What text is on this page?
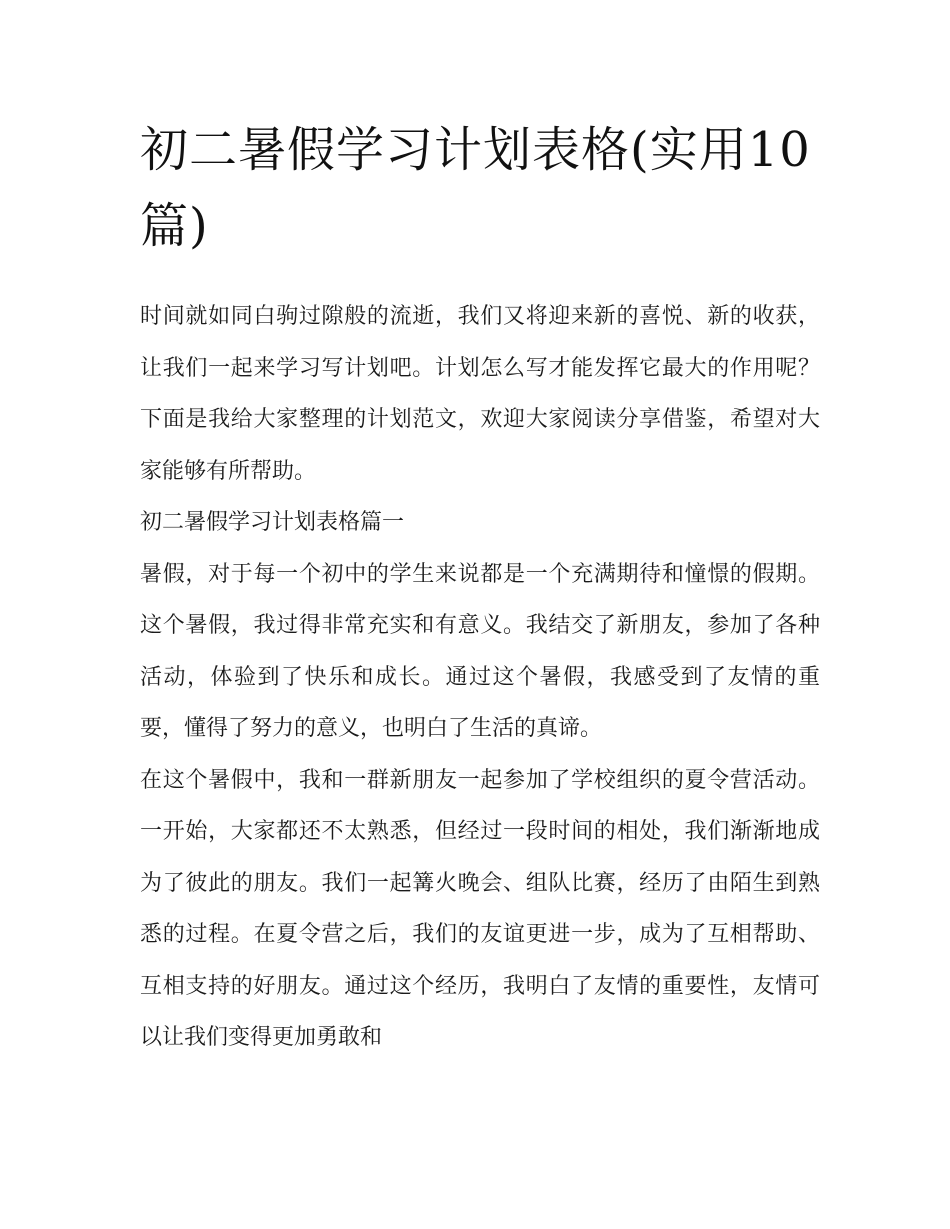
初二暑假学习计划表格(实用10篇)

时间就如同白驹过隙般的流逝，我们又将迎来新的喜悦、新的收获，让我们一起来学习写计划吧。计划怎么写才能发挥它最大的作用呢？下面是我给大家整理的计划范文，欢迎大家阅读分享借鉴，希望对大家能够有所帮助。

初二暑假学习计划表格篇一

暑假，对于每一个初中的学生来说都是一个充满期待和憧憬的假期。这个暑假，我过得非常充实和有意义。我结交了新朋友，参加了各种活动，体验到了快乐和成长。通过这个暑假，我感受到了友情的重要，懂得了努力的意义，也明白了生活的真谛。

在这个暑假中，我和一群新朋友一起参加了学校组织的夏令营活动。一开始，大家都还不太熟悉，但经过一段时间的相处，我们渐渐地成为了彼此的朋友。我们一起篝火晚会、组队比赛，经历了由陌生到熟悉的过程。在夏令营之后，我们的友谊更进一步，成为了互相帮助、互相支持的好朋友。通过这个经历，我明白了友情的重要性，友情可以让我们变得更加勇敢和
